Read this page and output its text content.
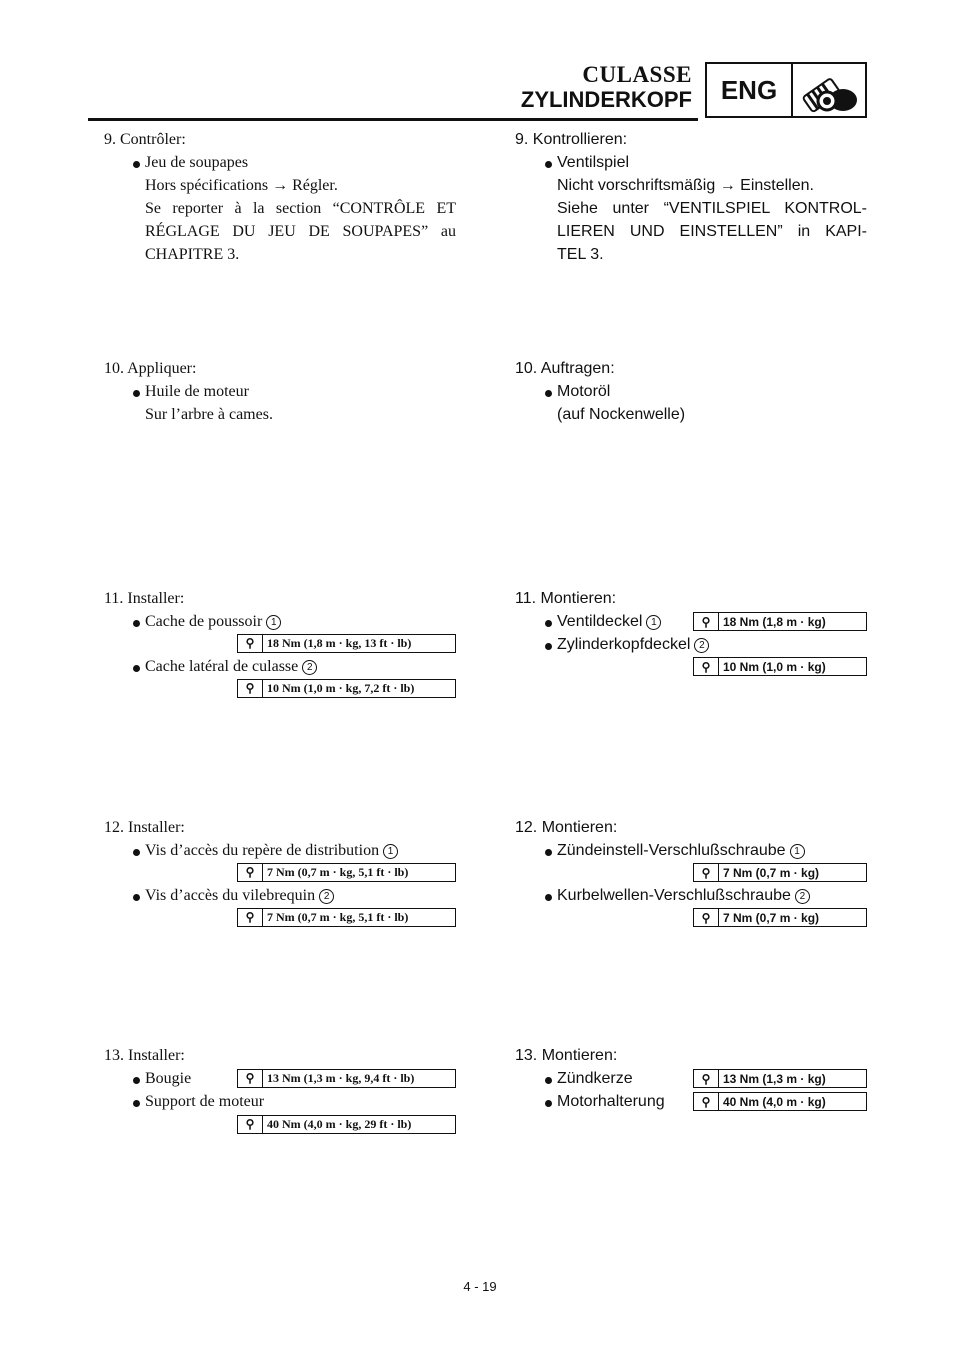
CULASSE
ZYLINDERKOPF	ENG
9. Contrôler:
Jeu de soupapes
Hors spécifications → Régler.
Se reporter à la section “CONTRÔLE ET
RÉGLAGE DU JEU DE SOUPAPES” au
CHAPITRE 3.
10. Appliquer:
Huile de moteur
Sur l’arbre à cames.
11. Installer:
Cache de poussoir 1
⚲	18 Nm (1,8 m · kg, 13 ft · lb)
Cache latéral de culasse 2
⚲	10 Nm (1,0 m · kg, 7,2 ft · lb)
12. Installer:
Vis d’accès du repère de distribution 1
⚲	7 Nm (0,7 m · kg, 5,1 ft · lb)
Vis d’accès du vilebrequin 2
⚲	7 Nm (0,7 m · kg, 5,1 ft · lb)
13. Installer:
Bougie	⚲	13 Nm (1,3 m · kg, 9,4 ft · lb)
Support de moteur
⚲	40 Nm (4,0 m · kg, 29 ft · lb)
9. Kontrollieren:
Ventilspiel
Nicht vorschriftsmäßig → Einstellen.
Siehe unter “VENTILSPIEL KONTROL-
LIEREN UND EINSTELLEN” in KAPI-
TEL 3.
10. Auftragen:
Motoröl
(auf Nockenwelle)
11. Montieren:
Ventildeckel 1	⚲	18 Nm (1,8 m · kg)
Zylinderkopfdeckel 2
⚲	10 Nm (1,0 m · kg)
12. Montieren:
Zündeinstell-Verschlußschraube 1
⚲	7 Nm (0,7 m · kg)
Kurbelwellen-Verschlußschraube 2
⚲	7 Nm (0,7 m · kg)
13. Montieren:
Zündkerze	⚲	13 Nm (1,3 m · kg)
Motorhalterung	⚲	40 Nm (4,0 m · kg)
4 - 19
